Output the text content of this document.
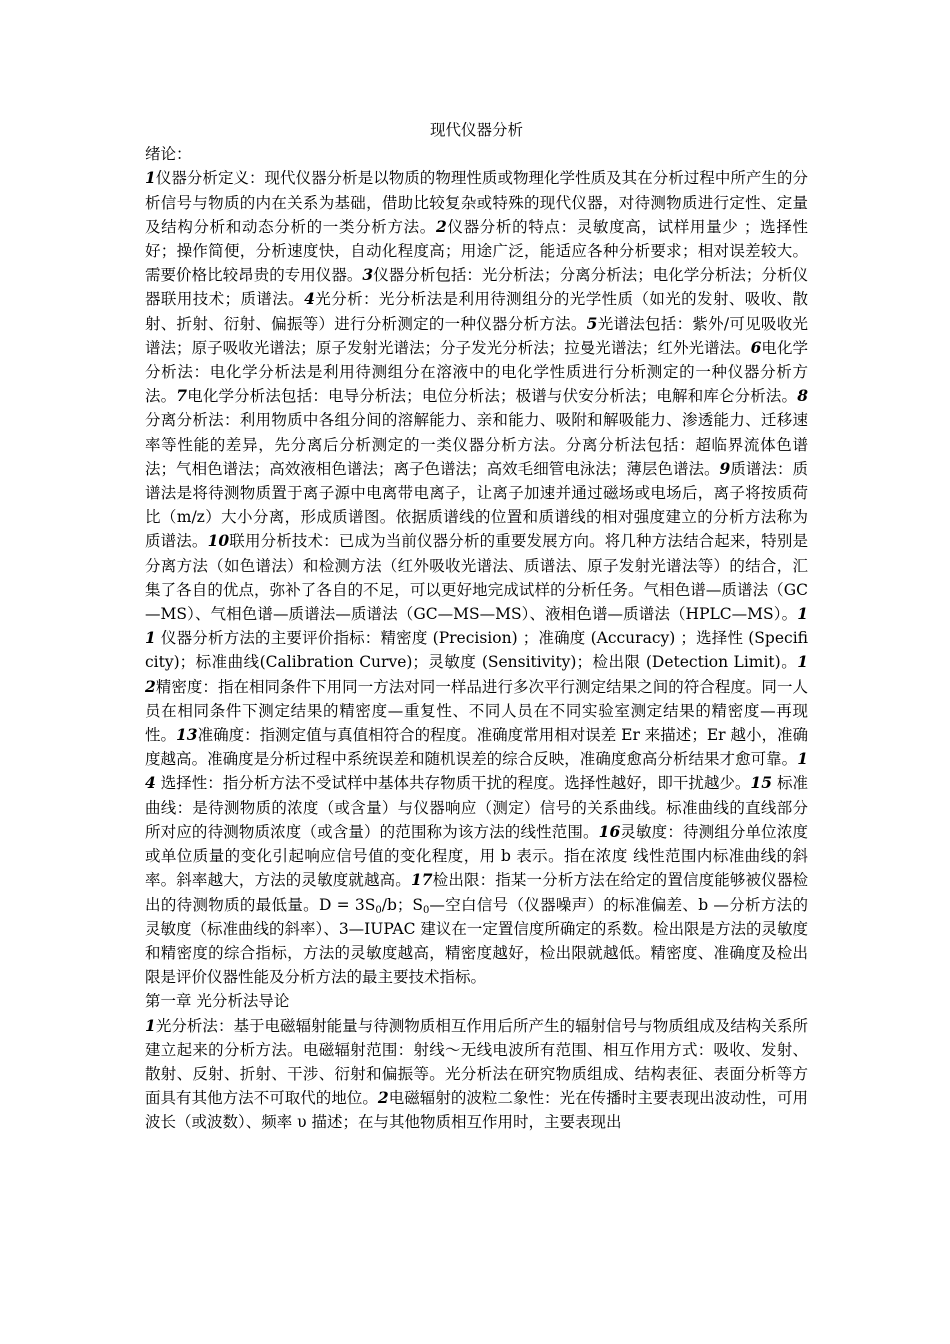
现代仪器分析

绪论：

1仪器分析定义：现代仪器分析是以物质的物理性质或物理化学性质及其在分析过程中所产生的分析信号与物质的内在关系为基础，借助比较复杂或特殊的现代仪器，对待测物质进行定性、定量及结构分析和动态分析的一类分析方法。2仪器分析的特点：灵敏度高，试样用量少 ；选择性好；操作简便，分析速度快，自动化程度高；用途广泛，能适应各种分析要求；相对误差较大。需要价格比较昂贵的专用仪器。3仪器分析包括：光分析法；分离分析法；电化学分析法；分析仪器联用技术；质谱法。4光分析：光分析法是利用待测组分的光学性质（如光的发射、吸收、散射、折射、衍射、偏振等）进行分析测定的一种仪器分析方法。5光谱法包括：紫外/可见吸收光谱法；原子吸收光谱法；原子发射光谱法；分子发光分析法；拉曼光谱法；红外光谱法。6电化学分析法：电化学分析法是利用待测组分在溶液中的电化学性质进行分析测定的一种仪器分析方法。7电化学分析法包括：电导分析法；电位分析法；极谱与伏安分析法；电解和库仑分析法。8分离分析法：利用物质中各组分间的溶解能力、亲和能力、吸附和解吸能力、渗透能力、迁移速率等性能的差异，先分离后分析测定的一类仪器分析方法。分离分析法包括：超临界流体色谱法；气相色谱法；高效液相色谱法；离子色谱法；高效毛细管电泳法；薄层色谱法。9质谱法：质谱法是将待测物质置于离子源中电离带电离子，让离子加速并通过磁场或电场后，离子将按质荷比（m/z）大小分离，形成质谱图。依据质谱线的位置和质谱线的相对强度建立的分析方法称为质谱法。10联用分析技术：已成为当前仪器分析的重要发展方向。将几种方法结合起来，特别是分离方法（如色谱法）和检测方法（红外吸收光谱法、质谱法、原子发射光谱法等）的结合，汇集了各自的优点，弥补了各自的不足，可以更好地完成试样的分析任务。气相色谱—质谱法（GC—MS）、气相色谱—质谱法—质谱法（GC—MS—MS）、液相色谱—质谱法（HPLC—MS）。11 仪器分析方法的主要评价指标：精密度 (Precision) ；准确度 (Accuracy) ；选择性 (Specificity)；标准曲线(Calibration Curve)；灵敏度 (Sensitivity)；检出限 (Detection Limit)。12精密度：指在相同条件下用同一方法对同一样品进行多次平行测定结果之间的符合程度。同一人员在相同条件下测定结果的精密度—重复性、不同人员在不同实验室测定结果的精密度—再现性。13准确度：指测定值与真值相符合的程度。准确度常用相对误差 Er 来描述；Er 越小，准确度越高。准确度是分析过程中系统误差和随机误差的综合反映，准确度愈高分析结果才愈可靠。14 选择性：指分析方法不受试样中基体共存物质干扰的程度。选择性越好，即干扰越少。15 标准曲线：是待测物质的浓度（或含量）与仪器响应（测定）信号的关系曲线。标准曲线的直线部分所对应的待测物质浓度（或含量）的范围称为该方法的线性范围。16灵敏度：待测组分单位浓度或单位质量的变化引起响应信号值的变化程度，用 b 表示。指在浓度 线性范围内标准曲线的斜率。斜率越大，方法的灵敏度就越高。17检出限：指某一分析方法在给定的置信度能够被仪器检出的待测物质的最低量。$D = 3S_0/b$；$S_0—$空白信号（仪器噪声）的标准偏差、b —分析方法的灵敏度（标准曲线的斜率）、3—IUPAC 建议在一定置信度所确定的系数。检出限是方法的灵敏度和精密度的综合指标，方法的灵敏度越高，精密度越好，检出限就越低。精密度、准确度及检出限是评价仪器性能及分析方法的最主要技术指标。

第一章 光分析法导论

1光分析法：基于电磁辐射能量与待测物质相互作用后所产生的辐射信号与物质组成及结构关系所建立起来的分析方法。电磁辐射范围：射线～无线电波所有范围、相互作用方式：吸收、发射、散射、反射、折射、干涉、衍射和偏振等。光分析法在研究物质组成、结构表征、表面分析等方面具有其他方法不可取代的地位。2电磁辐射的波粒二象性：光在传播时主要表现出波动性，可用波长（或波数）、频率 υ 描述；在与其他物质相互作用时，主要表现出
